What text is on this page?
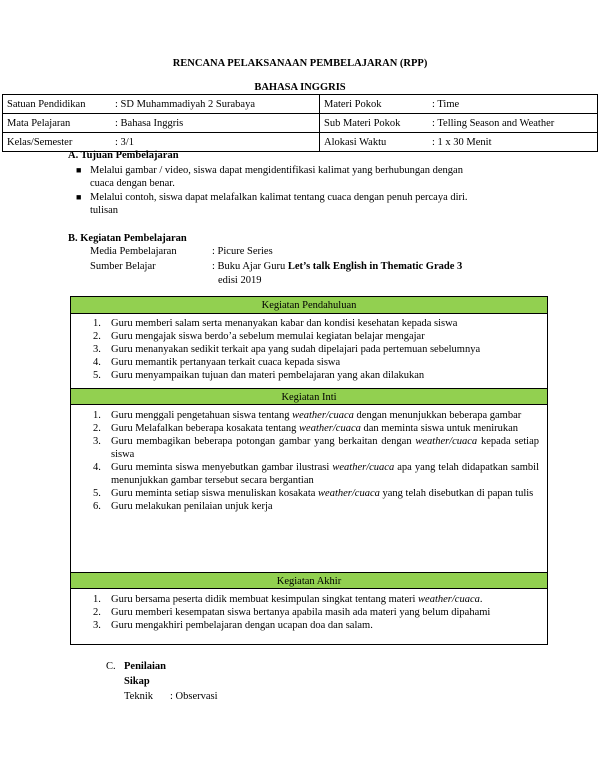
RENCANA PELAKSANAAN PEMBELAJARAN (RPP)
BAHASA INGGRIS
Satuan Pendidikan	: SD Muhammadiyah 2 Surabaya	Materi Pokok	: Time
Mata Pelajaran	: Bahasa Inggris	Sub Materi Pokok	: Telling Season and Weather
Kelas/Semester	: 3/1	Alokasi Waktu	: 1 x 30 Menit
A. Tujuan Pembelajaran
■ Melalui gambar / video, siswa dapat mengidentifikasi kalimat yang berhubungan dengan
cuaca dengan benar.
■ Melalui contoh, siswa dapat melafalkan kalimat tentang cuaca dengan penuh percaya diri.
tulisan
B. Kegiatan Pembelajaran
Media Pembelajaran	: Picure Series
Sumber Belajar	: Buku Ajar Guru Let’s talk English in Thematic Grade 3
edisi 2019
Kegiatan Pendahuluan
1. Guru memberi salam serta menanyakan kabar dan kondisi kesehatan kepada siswa
2. Guru mengajak siswa berdo’a sebelum memulai kegiatan belajar mengajar
3. Guru menanyakan sedikit terkait apa yang sudah dipelajari pada pertemuan sebelumnya
4. Guru memantik pertanyaan terkait cuaca kepada siswa
5. Guru menyampaikan tujuan dan materi pembelajaran yang akan dilakukan
Kegiatan Inti
1. Guru menggali pengetahuan siswa tentang weather/cuaca dengan menunjukkan beberapa gambar
2. Guru Melafalkan beberapa kosakata tentang weather/cuaca dan meminta siswa untuk menirukan
3. Guru membagikan beberapa potongan gambar yang berkaitan dengan weather/cuaca kepada setiap siswa
4. Guru meminta siswa menyebutkan gambar ilustrasi weather/cuaca apa yang telah didapatkan sambil menunjukkan gambar tersebut secara bergantian
5. Guru meminta setiap siswa menuliskan kosakata weather/cuaca yang telah disebutkan di papan tulis
6. Guru melakukan penilaian unjuk kerja
Kegiatan Akhir
1. Guru bersama peserta didik membuat kesimpulan singkat tentang materi weather/cuaca.
2. Guru memberi kesempatan siswa bertanya apabila masih ada materi yang belum dipahami
3. Guru mengakhiri pembelajaran dengan ucapan doa dan salam.
C. Penilaian
Sikap
Teknik : Observasi
